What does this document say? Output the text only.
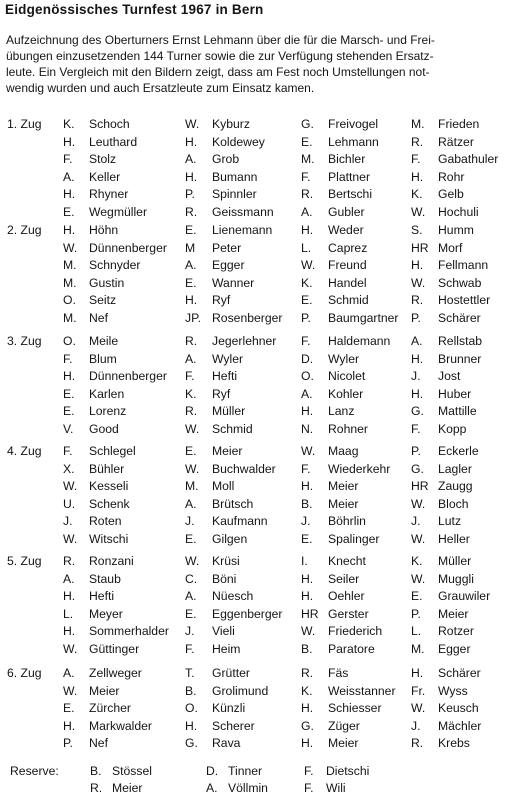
Eidgenössisches Turnfest 1967 in Bern
Aufzeichnung des Oberturners Ernst Lehmann über die für die Marsch- und Frei-
übungen einzusetzenden 144 Turner sowie die zur Verfügung stehenden Ersatz-
leute. Ein Vergleich mit den Bildern zeigt, dass am Fest noch Umstellungen not-
wendig wurden und auch Ersatzleute zum Einsatz kamen.
1. Zug K. Schoch	W. Kyburz	G. Freivogel	M. Frieden
H. Leuthard	H. Koldewey	E. Lehmann	R. Rätzer
F. Stolz	A. Grob	M. Bichler	F. Gabathuler
A. Keller	H. Bumann	F. Plattner	H. Rohr
H. Rhyner	P. Spinnler	R. Bertschi	K. Gelb
E. Wegmüller	R. Geissmann A. Gubler	W. Hochuli
2. Zug H. Höhn	E. Lienemann H. Weder	S. Humm
W. Dünnenberger M Peter	L. Caprez	HR Morf
M. Schnyder	A. Egger	W. Freund	H. Fellmann
M. Gustin	E. Wanner	K. Handel	W. Schwab
O. Seitz	H. Ryf	E. Schmid	R. Hostettler
M. Nef	JP. Rosenberger P. Baumgartner P. Schärer
3. Zug O. Meile	R. Jegerlehner F. Haldemann A. Rellstab
F. Blum	A. Wyler	D. Wyler	H. Brunner
H. Dünnenberger F. Hefti	O. Nicolet	J. Jost
E. Karlen	K. Ryf	A. Kohler	H. Huber
E. Lorenz	R. Müller	H. Lanz	G. Mattille
V. Good	W. Schmid	N. Rohner	F. Kopp
4. Zug F. Schlegel	E. Meier	W. Maag	P. Eckerle
X. Bühler	W. Buchwalder F. Wiederkehr G. Lagler
W. Kesseli	M. Moll	H. Meier	HR Zaugg
U. Schenk	A. Brütsch	B. Meier	W. Bloch
J. Roten	J. Kaufmann	J. Böhrlin	J. Lutz
W. Witschi	E. Gilgen	E. Spalinger	W. Heller
5. Zug R. Ronzani	W. Krüsi	I. Knecht	K. Müller
A. Staub	C. Böni	H. Seiler	W. Muggli
H. Hefti	A. Nüesch	H. Oehler	E. Grauwiler
L. Meyer	E. Eggenberger HR Gerster	P. Meier
H. Sommerhalder J. Vieli	W. Friederich L. Rotzer
W. Güttinger	F. Heim	B. Paratore	M. Egger
6. Zug A. Zellweger	T. Grütter	R. Fäs	H. Schärer
W. Meier	B. Grolimund	K. Weisstanner Fr. Wyss
E. Zürcher	O. Künzli	H. Schiesser W. Keusch
H. Markwalder	H. Scherer	G. Züger	J. Mächler
P. Nef	G. Rava	H. Meier	R. Krebs
Reserve:	B. Stössel	D. Tinner	F. Dietschi
R. Meier	A. Völlmin	F. Wili
